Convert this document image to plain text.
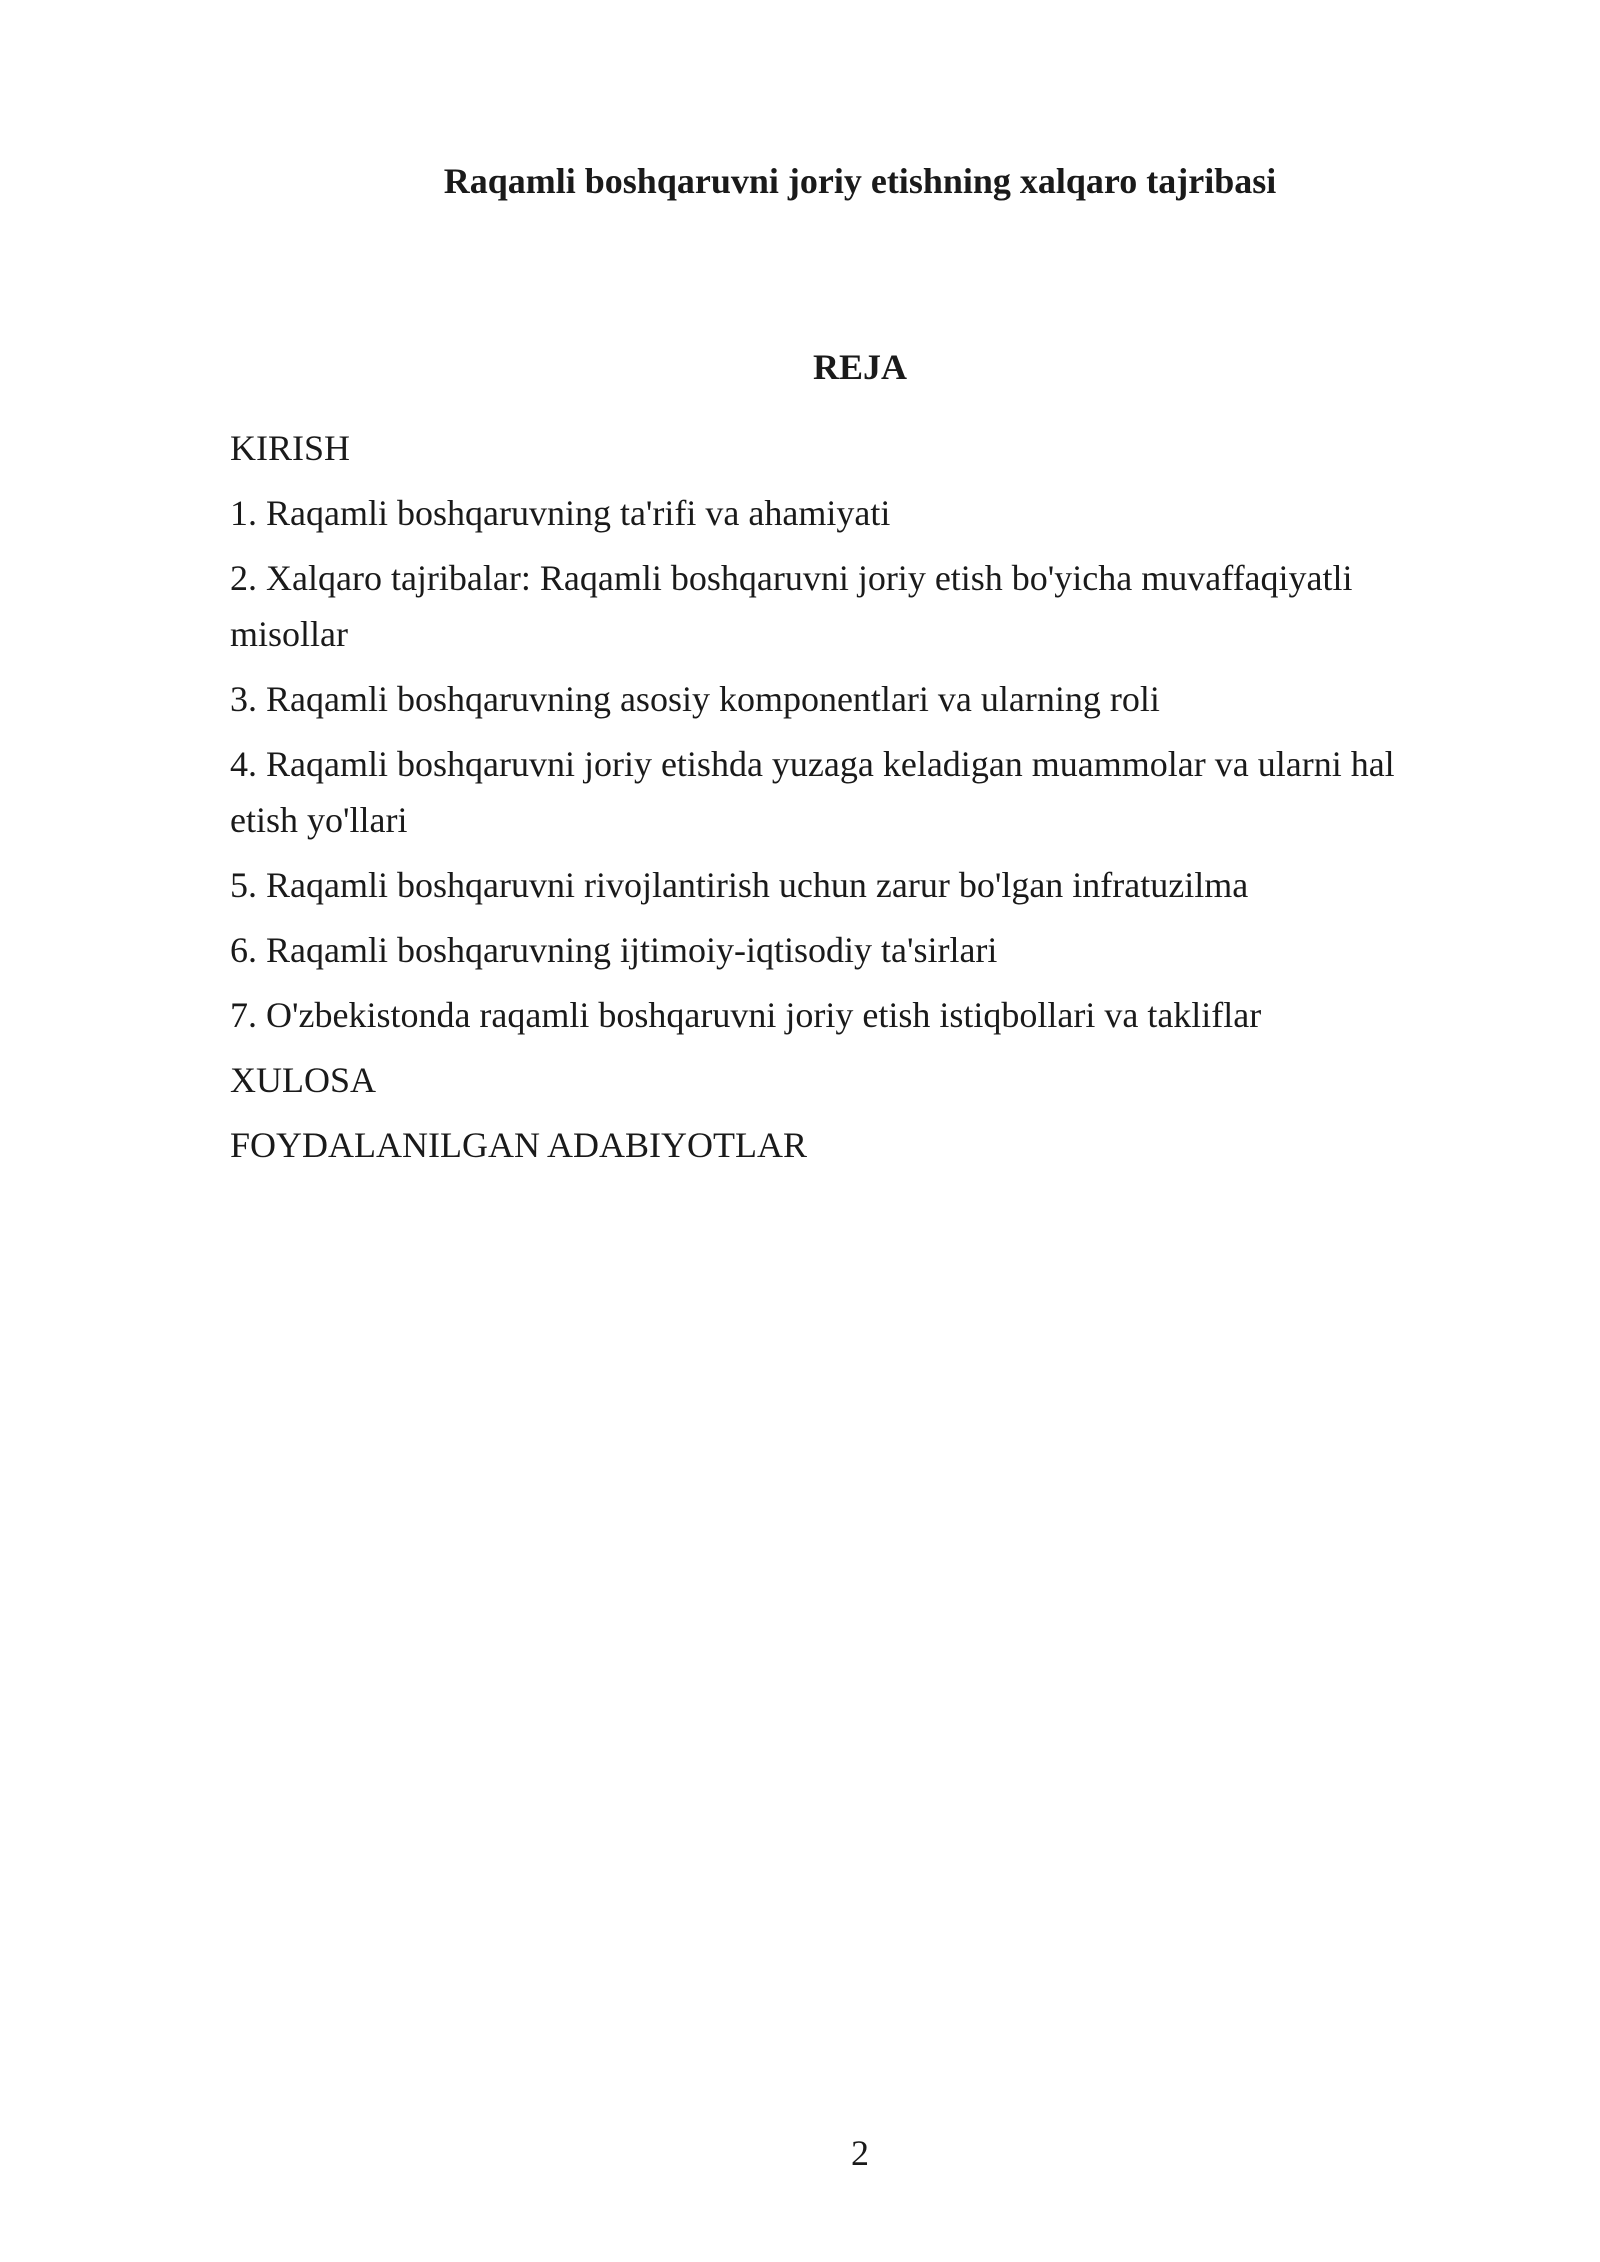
Raqamli boshqaruvni joriy etishning xalqaro tajribasi
REJA
KIRISH
1. Raqamli boshqaruvning ta'rifi va ahamiyati
2. Xalqaro tajribalar: Raqamli boshqaruvni joriy etish bo'yicha muvaffaqiyatli misollar
3. Raqamli boshqaruvning asosiy komponentlari va ularning roli
4. Raqamli boshqaruvni joriy etishda yuzaga keladigan muammolar va ularni hal etish yo'llari
5. Raqamli boshqaruvni rivojlantirish uchun zarur bo'lgan infratuzilma
6. Raqamli boshqaruvning ijtimoiy-iqtisodiy ta'sirlari
7. O'zbekistonda raqamli boshqaruvni joriy etish istiqbollari va takliflar
XULOSA
FOYDALANILGAN ADABIYOTLAR
2
